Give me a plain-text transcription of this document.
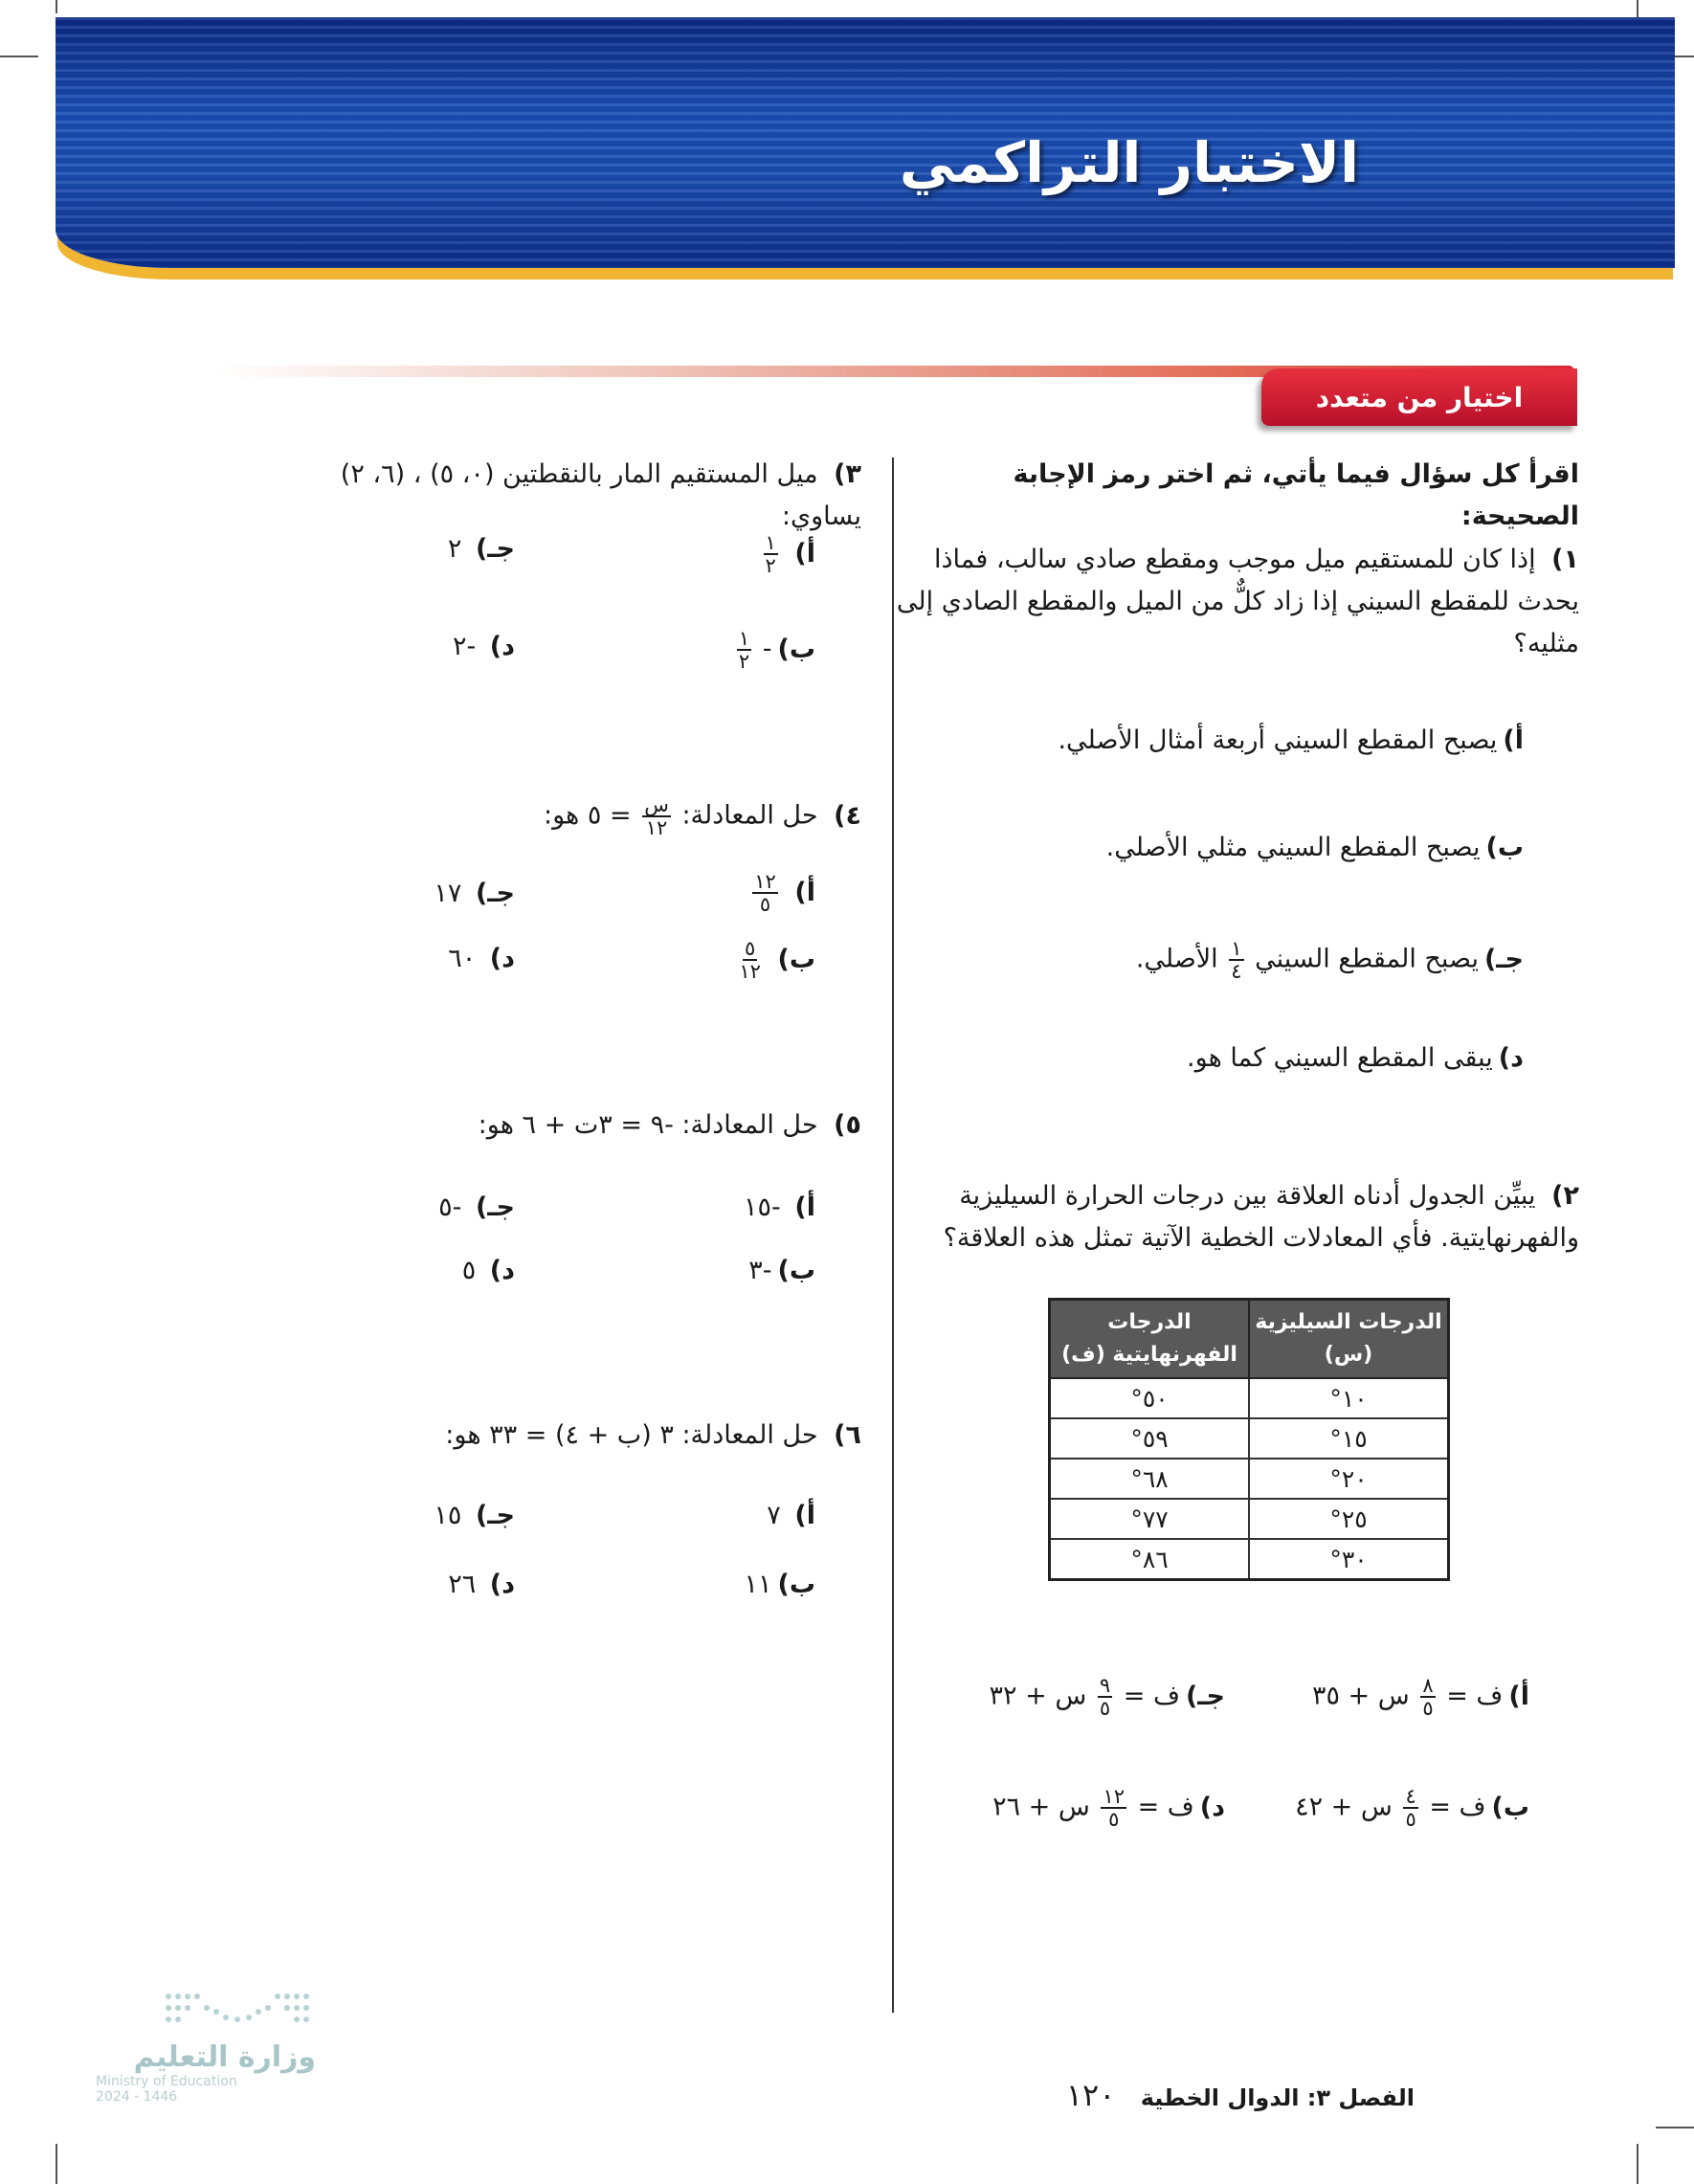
الاختبار التراكمي
اختيار من متعدد
اقرأ كل سؤال فيما يأتي، ثم اختر رمز الإجابة الصحيحة:
١) إذا كان للمستقيم ميل موجب ومقطع صادي سالب، فماذا يحدث للمقطع السيني إذا زاد كلٌّ من الميل والمقطع الصادي إلى مثليه؟
أ)يصبح المقطع السيني أربعة أمثال الأصلي.
ب)يصبح المقطع السيني مثلي الأصلي.
جـ)يصبح المقطع السيني
$\frac{١}{٤}$
الأصلي.
د)يبقى المقطع السيني كما هو.
٢) يبيِّن الجدول أدناه العلاقة بين درجات الحرارة السيليزية والفهرنهايتية. فأي المعادلات الخطية الآتية تمثل هذه العلاقة؟
الدرجات السيليزية (س)	الدرجات الفهرنهايتية (ف)
١٠°	٥٠°
١٥°	٥٩°
٢٠°	٦٨°
٢٥°	٧٧°
٣٠°	٨٦°
أ)ف =
$\frac{٨}{٥}$
س + ٣٥
ب)ف =
$\frac{٤}{٥}$
س + ٤٢
جـ)ف =
$\frac{٩}{٥}$
س + ٣٢
د)ف =
$\frac{١٢}{٥}$
س + ٢٦
٣) ميل المستقيم المار بالنقطتين (٠، ٥) ، (٦، ٢) يساوي:
أ)
$\frac{١}{٢}$
ب)-
$\frac{١}{٢}$
جـ) ٢
د) -٢
٤) حل المعادلة:
$\frac{\text{س}}{١٢}$
= ٥ هو:
أ)
$\frac{١٢}{٥}$
ب)
$\frac{٥}{١٢}$
جـ) ١٧
د) ٦٠
٥) حل المعادلة: -٩ = ٣ت + ٦ هو:
أ) -١٥
ب)-٣
جـ) -٥
د) ٥
٦) حل المعادلة: ٣ (ب + ٤) = ٣٣ هو:
أ) ٧
ب)١١
جـ) ١٥
د) ٢٦
الفصل ٣: الدوال الخطية ١٢٠
وزارة التعليم
Ministry of Education
2024 - 1446
